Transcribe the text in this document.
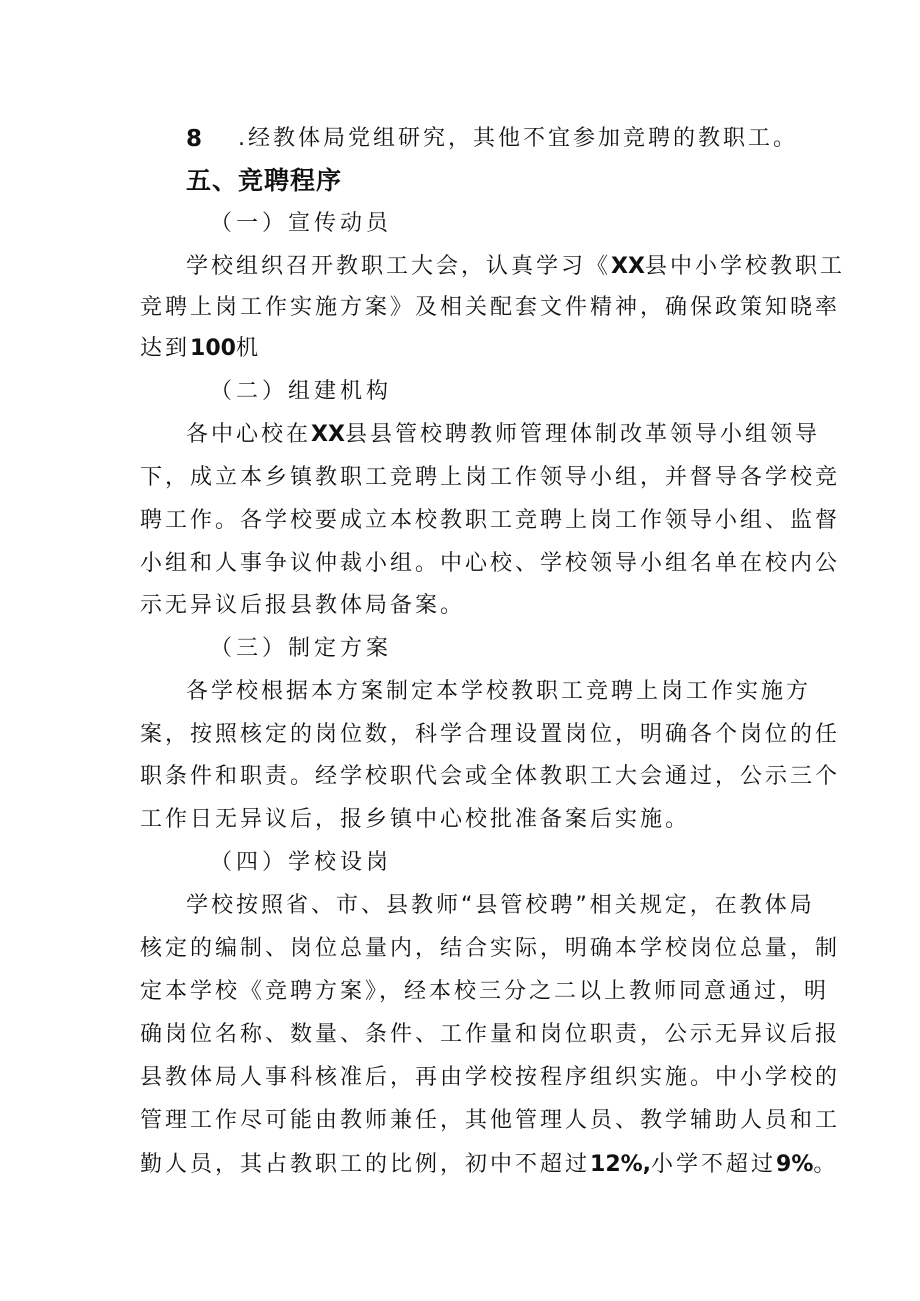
8 .经教体局党组研究，其他不宜参加竞聘的教职工。
五、竞聘程序
（一）宣传动员
学校组织召开教职工大会，认真学习《XX县中小学校教职工
竞聘上岗工作实施方案》及相关配套文件精神，确保政策知晓率
达到100机
（二）组建机构
各中心校在XX县县管校聘教师管理体制改革领导小组领导
下，成立本乡镇教职工竞聘上岗工作领导小组，并督导各学校竞
聘工作。各学校要成立本校教职工竞聘上岗工作领导小组、监督
小组和人事争议仲裁小组。中心校、学校领导小组名单在校内公
示无异议后报县教体局备案。
（三）制定方案
各学校根据本方案制定本学校教职工竞聘上岗工作实施方
案，按照核定的岗位数，科学合理设置岗位，明确各个岗位的任
职条件和职责。经学校职代会或全体教职工大会通过，公示三个
工作日无异议后，报乡镇中心校批准备案后实施。
（四）学校设岗
学校按照省、市、县教师“县管校聘”相关规定，在教体局
核定的编制、岗位总量内，结合实际，明确本学校岗位总量，制
定本学校《竞聘方案》，经本校三分之二以上教师同意通过，明
确岗位名称、数量、条件、工作量和岗位职责，公示无异议后报
县教体局人事科核准后，再由学校按程序组织实施。中小学校的
管理工作尽可能由教师兼任，其他管理人员、教学辅助人员和工
勤人员，其占教职工的比例，初中不超过12%,小学不超过9%。
